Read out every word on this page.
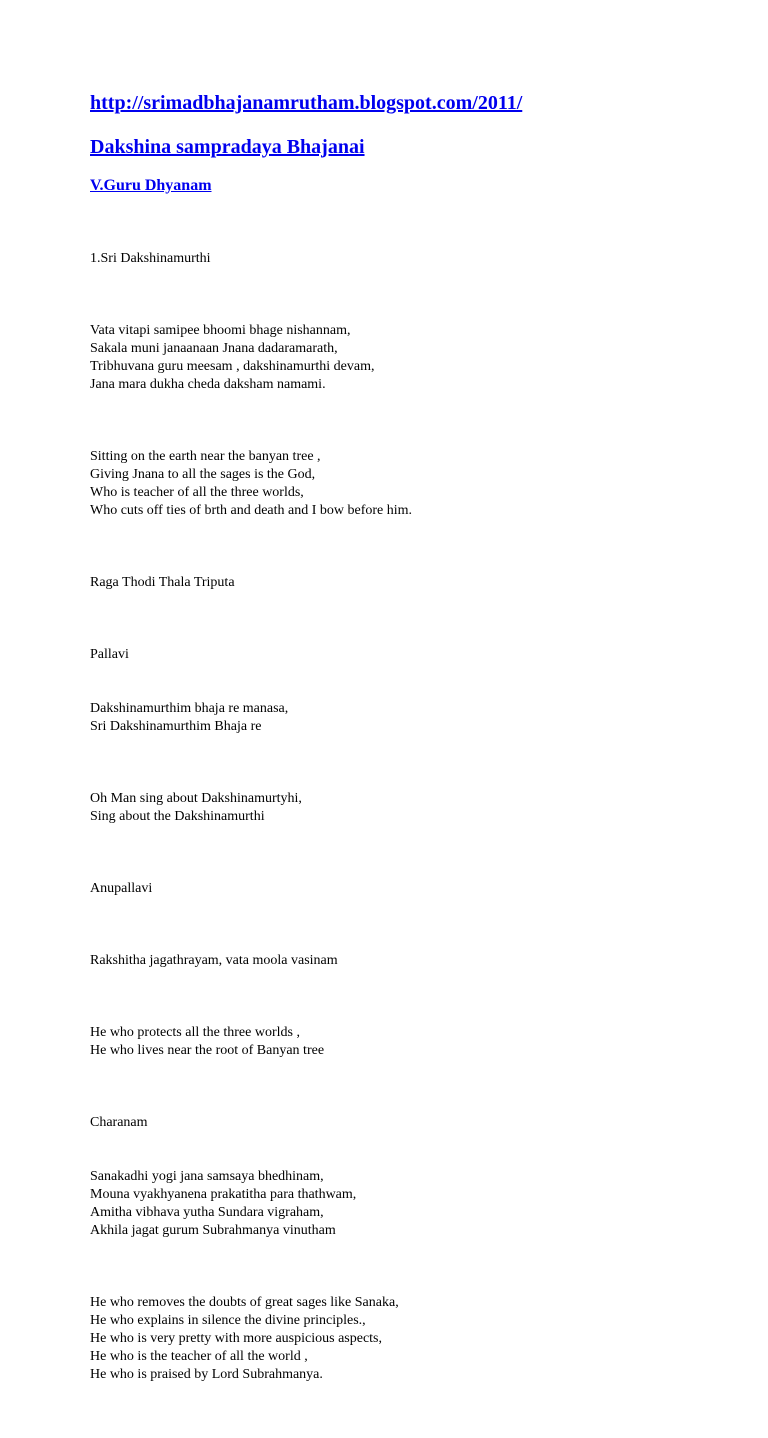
http://srimadbhajanamrutham.blogspot.com/2011/
Dakshina sampradaya Bhajanai
V.Guru Dhyanam

1.Sri Dakshinamurthi

Vata vitapi samipee bhoomi bhage nishannam,
Sakala muni janaanaan Jnana dadaramarath,
Tribhuvana guru meesam , dakshinamurthi devam,
Jana mara dukha cheda daksham namami.

Sitting on the earth near the banyan tree ,
Giving Jnana to all the sages is the God,
Who is teacher of all the three worlds,
Who cuts off ties of brth and death and I bow before him.

Raga Thodi Thala Triputa

Pallavi

Dakshinamurthim bhaja re manasa,
Sri Dakshinamurthim Bhaja re

Oh Man sing about Dakshinamurtyhi,
Sing about the Dakshinamurthi

Anupallavi

Rakshitha jagathrayam, vata moola vasinam

He who protects all the three worlds ,
He who lives near the root of Banyan tree

Charanam

Sanakadhi yogi jana samsaya bhedhinam,
Mouna vyakhyanena prakatitha para thathwam,
Amitha vibhava yutha Sundara vigraham,
Akhila jagat gurum Subrahmanya vinutham

He who removes the doubts of great sages like Sanaka,
He who explains in silence the divine principles.,
He who is very pretty with more auspicious aspects,
He who is the teacher of all the world ,
He who is praised by Lord Subrahmanya.
